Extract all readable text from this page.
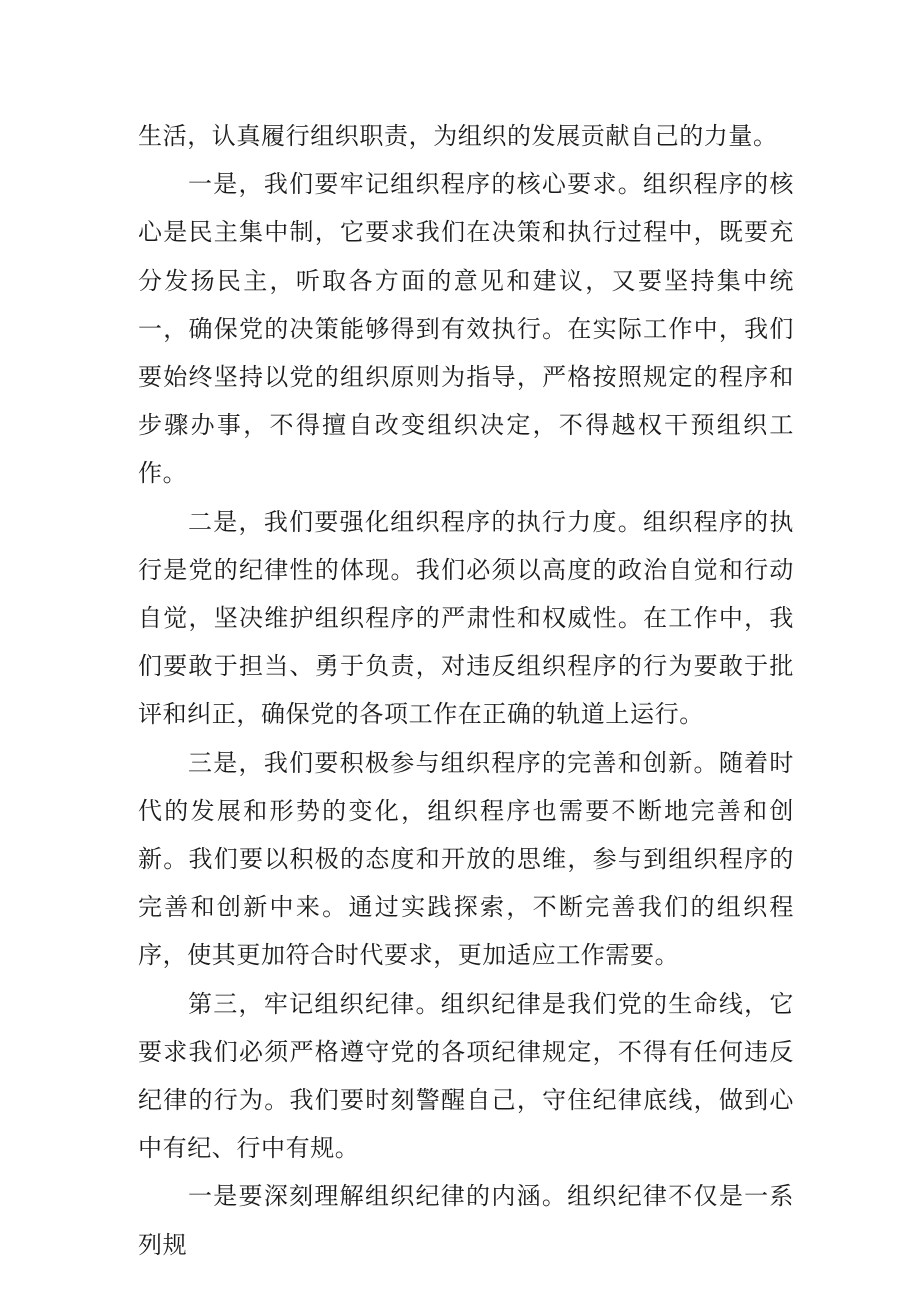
生活，认真履行组织职责，为组织的发展贡献自己的力量。

一是，我们要牢记组织程序的核心要求。组织程序的核心是民主集中制，它要求我们在决策和执行过程中，既要充分发扬民主，听取各方面的意见和建议，又要坚持集中统一，确保党的决策能够得到有效执行。在实际工作中，我们要始终坚持以党的组织原则为指导，严格按照规定的程序和步骤办事，不得擅自改变组织决定，不得越权干预组织工作。

二是，我们要强化组织程序的执行力度。组织程序的执行是党的纪律性的体现。我们必须以高度的政治自觉和行动自觉，坚决维护组织程序的严肃性和权威性。在工作中，我们要敢于担当、勇于负责，对违反组织程序的行为要敢于批评和纠正，确保党的各项工作在正确的轨道上运行。

三是，我们要积极参与组织程序的完善和创新。随着时代的发展和形势的变化，组织程序也需要不断地完善和创新。我们要以积极的态度和开放的思维，参与到组织程序的完善和创新中来。通过实践探索，不断完善我们的组织程序，使其更加符合时代要求，更加适应工作需要。

第三，牢记组织纪律。组织纪律是我们党的生命线，它要求我们必须严格遵守党的各项纪律规定，不得有任何违反纪律的行为。我们要时刻警醒自己，守住纪律底线，做到心中有纪、行中有规。

一是要深刻理解组织纪律的内涵。组织纪律不仅是一系列规
